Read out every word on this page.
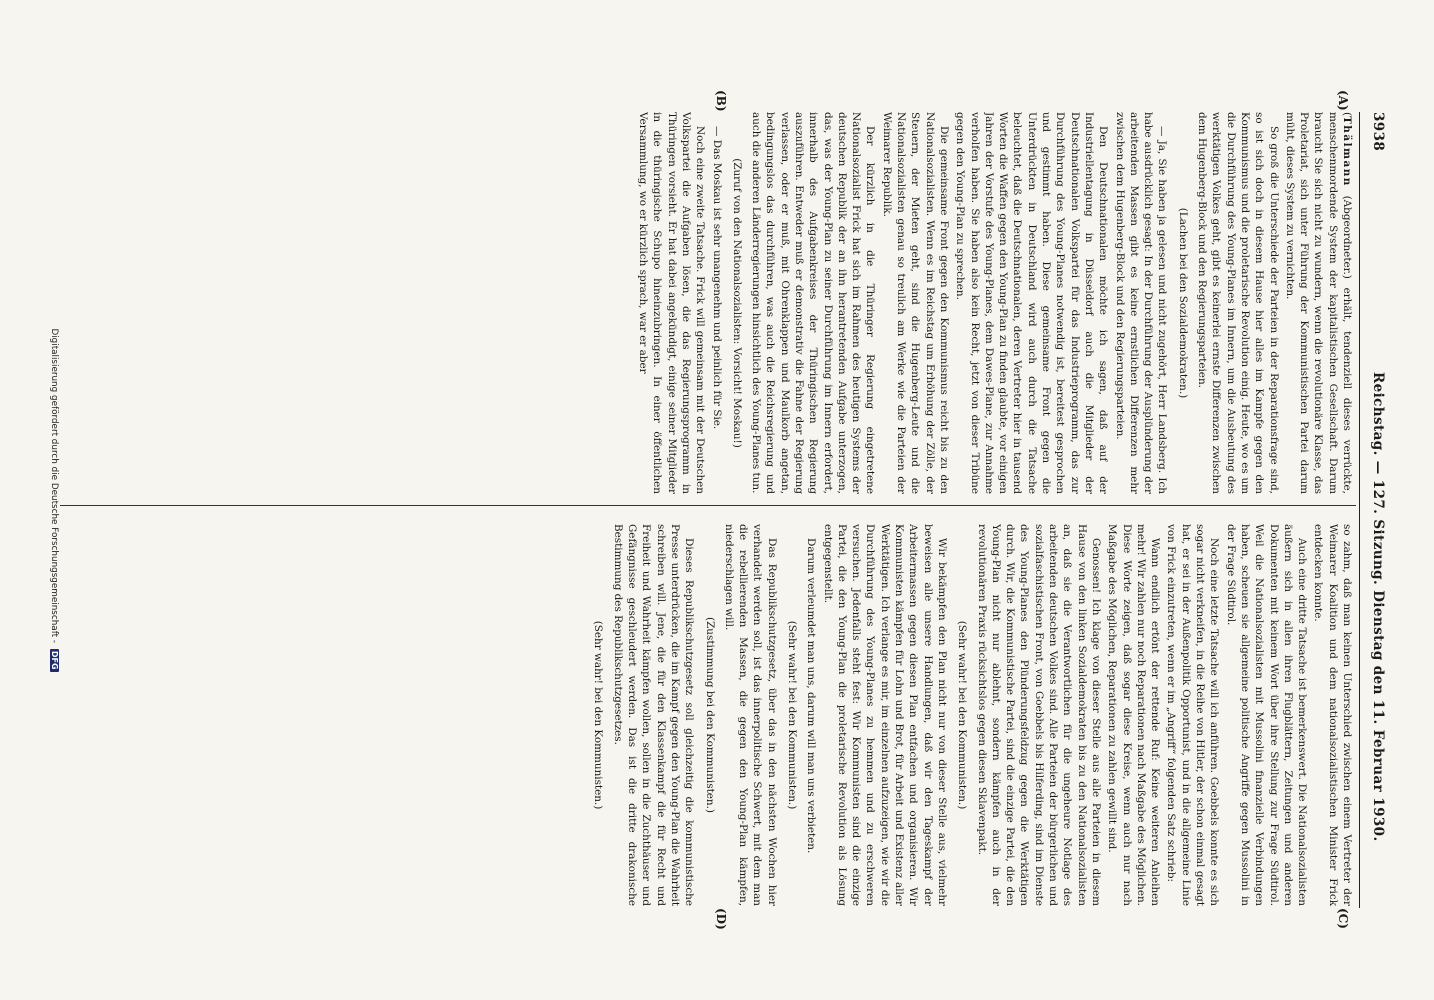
3938
Reichstag. — 127. Sitzung. Dienstag den 11. Februar 1930.
(A)
(B)
(C)
(D)

(Thälmann (Abgeordneter.) erhält, tendenziell dieses verrückte, menschenmordende System der kapitalistischen Gesellschaft. Darum braucht Sie sich nicht zu wundern, wenn die revolutionäre Klasse, das Proletariat, sich unter Führung der Kommunistischen Partei darum müht, dieses System zu vernichten.

So groß die Unterschiede der Parteien in der Reparationsfrage sind, so ist sich doch in diesem Hause hier alles im Kampfe gegen den Kommunismus und die proletarische Revolution einig. Heute, wo es um die Durchführung des Young-Planes im Innern, um die Ausbeutung des werktätigen Volkes geht, gibt es keinerlei ernste Differenzen zwischen dem Hugenberg-Block und den Regierungsparteien.

(Lachen bei den Sozialdemokraten.)

— Ja, Sie haben ja gelesen und nicht zugehört, Herr Landsberg. Ich habe ausdrücklich gesagt: In der Durchführung der Ausplünderung der arbeitenden Massen gibt es keine ernstlichen Differenzen mehr zwischen dem Hugenberg-Block und den Regierungsparteien.

Den Deutschnationalen möchte ich sagen, daß auf der Industriellentagung in Düsseldorf auch die Mitglieder der Deutschnationalen Volkspartei für das Industrieprogramm, das zur Durchführung des Young-Planes notwendig ist, bereitest gesprochen und gestimmt haben. Diese gemeinsame Front gegen die Unterdrückten in Deutschland wird auch durch die Tatsache beleuchtet, daß die Deutschnationalen, deren Vertreter hier in tausend Worten die Waffen gegen den Young-Plan zu finden glaubte, vor einigen Jahren der Vorstufe des Young-Planes, dem Dawes-Plane, zur Annahme verholfen haben. Sie haben also kein Recht, jetzt von dieser Tribüne gegen den Young-Plan zu sprechen.

Die gemeinsame Front gegen den Kommunismus reicht bis zu den Nationalsozialisten. Wenn es im Reichstag um Erhöhung der Zölle, der Steuern, der Mieten geht, sind die Hugenberg-Leute und die Nationalsozialisten genau so treulich am Werke wie die Parteien der Weimarer Republik.

Der kürzlich in die Thüringer Regierung eingetretene Nationalsozialist Frick hat sich im Rahmen des heutigen Systems der deutschen Republik der an ihn herantretenden Aufgabe unterzogen, das, was der Young-Plan zu seiner Durchführung im Innern erfordert, innerhalb des Aufgabenkreises der Thüringischen Regierung auszuführen. Entweder muß er demonstrativ die Fahne der Regierung verlassen, oder er muß, mit Ohrenklappen und Maulkorb angetan, bedingungslos das durchführen, was auch die Reichsregierung und auch die anderen Länderregierungen hinsichtlich des Young-Planes tun.

(Zuruf von den Nationalsozialisten: Vorsicht! Moskau!)

— Das Moskau ist sehr unangenehm und peinlich für Sie.

Noch eine zweite Tatsache. Frick will gemeinsam mit der Deutschen Volkspartei die Aufgaben lösen, die das Regierungsprogramm in Thüringen vorsieht. Er hat dabei angekündigt, einige seiner Mitglieder in die thüringische Schupo hineinzubringen. In einer öffentlichen Versammlung, wo er kürzlich sprach, war er aber

so zahm, daß man keinen Unterschied zwischen einem Vertreter der Weimarer Koalition und dem nationalsozialistischen Minister Frick entdecken konnte.

Auch eine dritte Tatsache ist bemerkenswert. Die Nationalsozialisten äußern sich in allen ihren Flugblättern, Zeitungen und anderen Dokumenten mit keinem Wort über ihre Stellung zur Frage Südtirol. Weil die Nationalsozialisten mit Mussolini finanzielle Verbindungen haben, scheuen sie allgemeine politische Angriffe gegen Mussolini in der Frage Südtirol.

Noch eine letzte Tatsache will ich anführen. Goebbels konnte es sich sogar nicht verkneifen, in die Reihe von Hitler, der schon einmal gesagt hat, er sei in der Außenpolitik Opportunist, und in die allgemeine Linie von Frick einzutreten, wenn er im „Angriff“ folgenden Satz schrieb:

Wann endlich ertönt der rettende Ruf: Keine weiteren Anleihen mehr! Wir zahlen nur noch Reparationen nach Maßgabe des Möglichen. Diese Worte zeigen, daß sogar diese Kreise, wenn auch nur nach Maßgabe des Möglichen, Reparationen zu zahlen gewillt sind.

Genossen! Ich klage von dieser Stelle aus alle Parteien in diesem Hause von den linken Sozialdemokraten bis zu den Nationalsozialisten an, daß sie die Verantwortlichen für die ungeheure Notlage des arbeitenden deutschen Volkes sind. Alle Parteien der bürgerlichen und sozialfaschistischen Front, von Goebbels bis Hilferding, sind im Dienste des Young-Planes den Plünderungsfeldzug gegen die Werktätigen durch. Wir, die Kommunistische Partei, sind die einzige Partei, die den Young-Plan nicht nur ablehnt, sondern kämpfen auch in der revolutionären Praxis rücksichtslos gegen diesen Sklavenpakt.

(Sehr wahr! bei den Kommunisten.)

Wir bekämpfen den Plan nicht nur von dieser Stelle aus, vielmehr beweisen alle unsere Handlungen, daß wir den Tageskampf der Arbeitermassen gegen diesen Plan entfachen und organisieren. Wir Kommunisten kämpfen für Lohn und Brot, für Arbeit und Existenz aller Werktätigen. Ich verlange es mir, im einzelnen aufzuzeigen, wie wir die Durchführung des Young-Planes zu hemmen und zu erschweren versuchen. Jedenfalls steht fest: Wir Kommunisten sind die einzige Partei, die den Young-Plan die proletarische Revolution als Lösung entgegenstellt.

Darum verleumdet man uns, darum will man uns verbieten.

(Sehr wahr! bei den Kommunisten.)

Das Republikschutzgesetz, über das in den nächsten Wochen hier verhandelt werden soll, ist das innerpolitische Schwert, mit dem man die rebellierenden Massen, die gegen den Young-Plan kämpfen, niederschlagen will.

(Zustimmung bei den Kommunisten.)

Dieses Republikschutzgesetz soll gleichzeitig die kommunistische Presse unterdrücken, die im Kampf gegen den Young-Plan die Wahrheit schreiben will. Jene, die für den Klassenkampf die für Recht und Freiheit und Wahrheit kämpfen wollen, sollen in die Zuchthäuser und Gefängnisse geschleudert werden. Das ist die dritte drakonische Bestimmung des Republikschutzgesetzes.

(Sehr wahr! bei den Kommunisten.)

Digitalisierung gefördert durch die Deutsche Forschungsgemeinschaft - DFG
